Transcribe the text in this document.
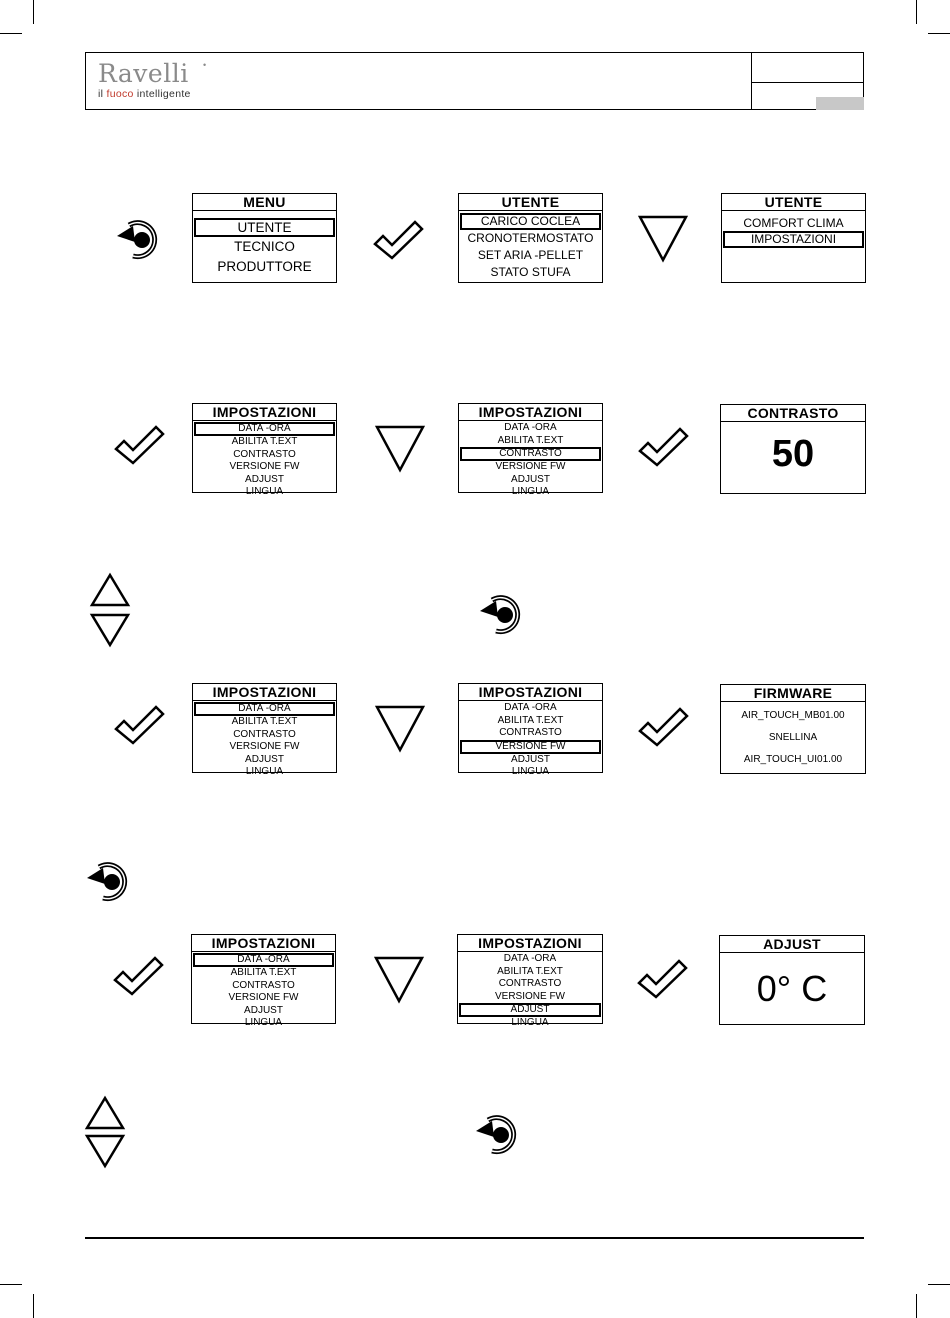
Ravelli •
il fuoco intelligente
MENU
UTENTE
TECNICO
PRODUTTORE
UTENTE
CARICO COCLEA
CRONOTERMOSTATO
SET ARIA -PELLET
STATO STUFA
UTENTE
COMFORT CLIMA
IMPOSTAZIONI
IMPOSTAZIONI
DATA -ORA
ABILITA T.EXT
CONTRASTO
VERSIONE FW
ADJUST
LINGUA
IMPOSTAZIONI
DATA -ORA
ABILITA T.EXT
CONTRASTO
VERSIONE FW
ADJUST
LINGUA
CONTRASTO
50
IMPOSTAZIONI
DATA -ORA
ABILITA T.EXT
CONTRASTO
VERSIONE FW
ADJUST
LINGUA
IMPOSTAZIONI
DATA -ORA
ABILITA T.EXT
CONTRASTO
VERSIONE FW
ADJUST
LINGUA
FIRMWARE
AIR_TOUCH_MB01.00
SNELLINA
AIR_TOUCH_UI01.00
IMPOSTAZIONI
DATA -ORA
ABILITA T.EXT
CONTRASTO
VERSIONE FW
ADJUST
LINGUA
IMPOSTAZIONI
DATA -ORA
ABILITA T.EXT
CONTRASTO
VERSIONE FW
ADJUST
LINGUA
ADJUST
0° C
